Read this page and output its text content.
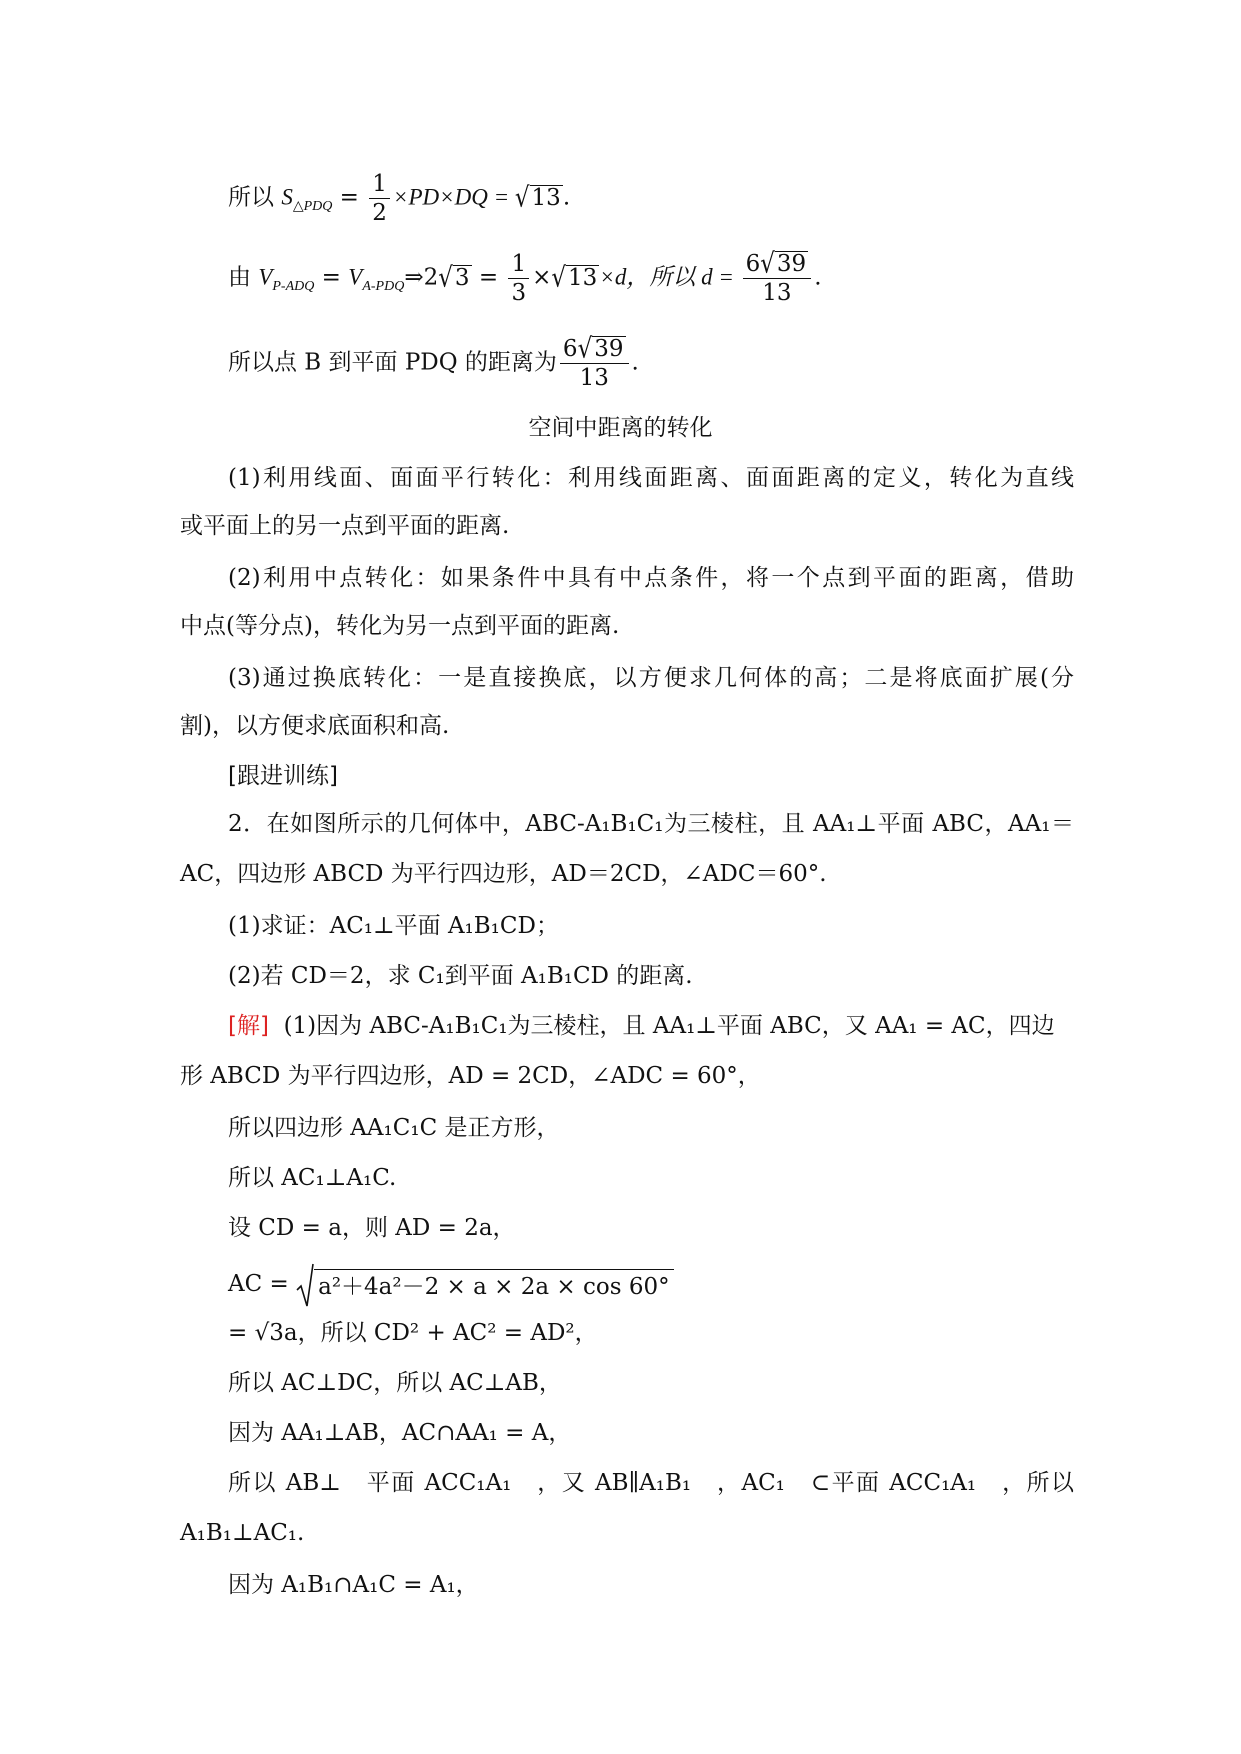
所以 $S_{\triangle PDQ} = \frac{1}{2} \times PD\times DQ = √13$.
由 $V_{P-ADQ}$ = $V_{A-PDQ}\Rightarrow 2√3 = \frac{1}{3} \times√13\times d$，所以 $d = \frac{6√39}{13}$ .
所以点 B 到平面 PDQ 的距离为 $\frac{6√39}{13}$ .
空间中距离的转化
(1)利用线面、面面平行转化：利用线面距离、面面距离的定义，转化为直线
或平面上的另一点到平面的距离.
(2)利用中点转化：如果条件中具有中点条件，将一个点到平面的距离，借助
中点(等分点)，转化为另一点到平面的距离.
(3)通过换底转化：一是直接换底，以方便求几何体的高；二是将底面扩展(分
割)，以方便求底面积和高.
[跟进训练]
2．在如图所示的几何体中，ABC-A₁B₁C₁为三棱柱，且 AA₁⊥平面 ABC，AA₁＝
AC，四边形 ABCD 为平行四边形，AD＝2CD，∠ADC＝60°.
(1)求证：AC₁⊥平面 A₁B₁CD；
(2)若 CD＝2，求 C₁到平面 A₁B₁CD 的距离.
[解] (1)因为 ABC-A₁B₁C₁为三棱柱，且 AA₁⊥平面 ABC，又 AA₁ = AC，四边
形 ABCD 为平行四边形，AD = 2CD，∠ADC = 60°，
所以四边形 AA₁C₁C 是正方形，
所以 AC₁⊥A₁C.
设 CD = a，则 AD = 2a，
AC = a²＋4a²－2 × a × 2a × cos 60°
= √3a，所以 CD² + AC² = AD²，
所以 AC⊥DC，所以 AC⊥AB，
因为 AA₁⊥AB，AC∩AA₁ = A，
所以 AB⊥　平面 ACC₁A₁　，又 AB∥A₁B₁　，AC₁　⊂平面 ACC₁A₁　，所以
A₁B₁⊥AC₁.
因为 A₁B₁∩A₁C = A₁，
